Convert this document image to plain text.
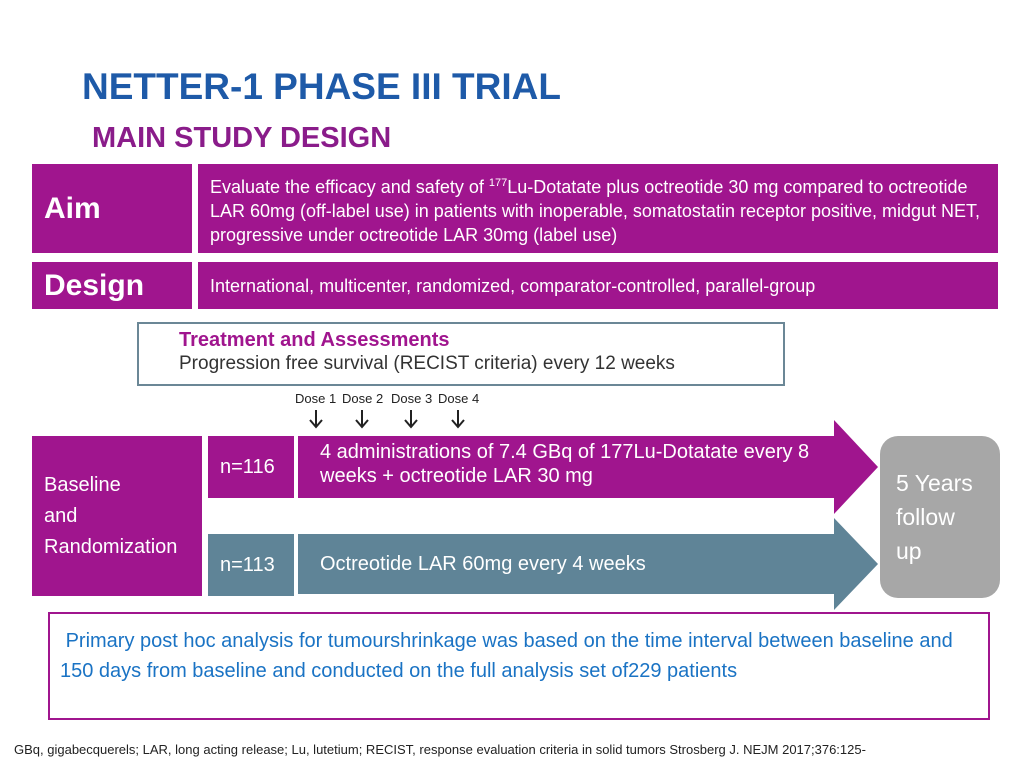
NETTER-1 PHASE III TRIAL
MAIN STUDY DESIGN
Aim
Evaluate the efficacy and safety of $^{177}$Lu-Dotatate plus octreotide 30 mg compared to octreotide LAR 60mg (off-label use) in patients with inoperable, somatostatin receptor positive, midgut NET, progressive under octreotide LAR 30mg (label use)
Design	International, multicenter, randomized, comparator-controlled, parallel-group
Treatment and Assessments
Progression free survival (RECIST criteria) every 12 weeks
Dose 1 Dose 2 Dose 3 Dose 4
Baseline
and
Randomization
n=116
n=113
4 administrations of 7.4 GBq of 177Lu-Dotatate every 8
weeks + octreotide LAR 30 mg
Octreotide LAR 60mg every 4 weeks
5 Years
follow
up
Primary post hoc analysis for tumourshrinkage was based on the time interval between baseline and 150 days from baseline and conducted on the full analysis set of229 patients
GBq, gigabecquerels; LAR, long acting release; Lu, lutetium; RECIST, response evaluation criteria in solid tumors Strosberg J. NEJM 2017;376:125-
